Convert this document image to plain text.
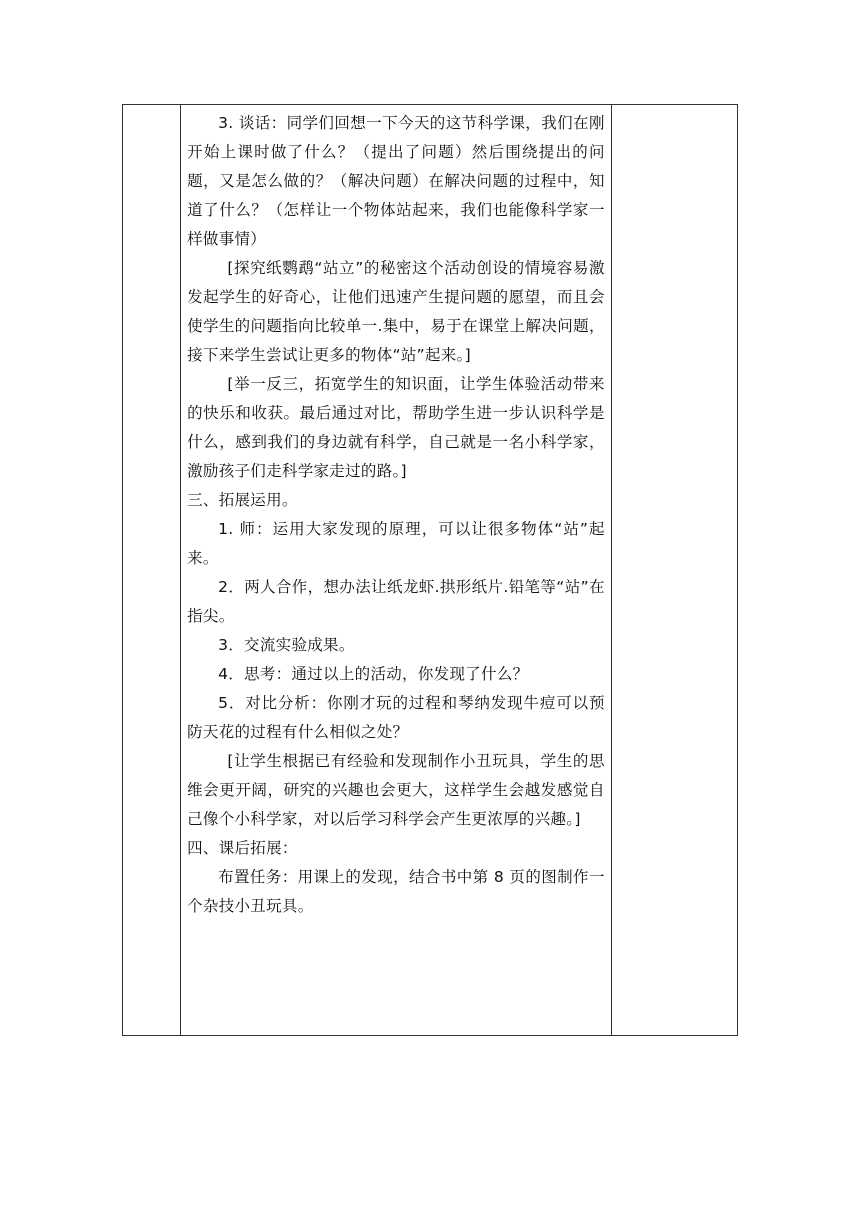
3. 谈话：同学们回想一下今天的这节科学课，我们在刚开始上课时做了什么？（提出了问题）然后围绕提出的问题，又是怎么做的？（解决问题）在解决问题的过程中，知道了什么？（怎样让一个物体站起来，我们也能像科学家一样做事情）

[探究纸鹦鹉“站立”的秘密这个活动创设的情境容易激发起学生的好奇心，让他们迅速产生提问题的愿望，而且会使学生的问题指向比较单一.集中，易于在课堂上解决问题，接下来学生尝试让更多的物体“站”起来。]

[举一反三，拓宽学生的知识面，让学生体验活动带来的快乐和收获。最后通过对比，帮助学生进一步认识科学是什么，感到我们的身边就有科学，自己就是一名小科学家，激励孩子们走科学家走过的路。]

三、拓展运用。

1. 师：运用大家发现的原理，可以让很多物体“站”起来。

2．两人合作，想办法让纸龙虾.拱形纸片.铅笔等“站”在指尖。

3．交流实验成果。

4．思考：通过以上的活动，你发现了什么？

5．对比分析：你刚才玩的过程和琴纳发现牛痘可以预防天花的过程有什么相似之处？

[让学生根据已有经验和发现制作小丑玩具，学生的思维会更开阔，研究的兴趣也会更大，这样学生会越发感觉自己像个小科学家，对以后学习科学会产生更浓厚的兴趣。]

四、课后拓展：

布置任务：用课上的发现，结合书中第 8 页的图制作一个杂技小丑玩具。
